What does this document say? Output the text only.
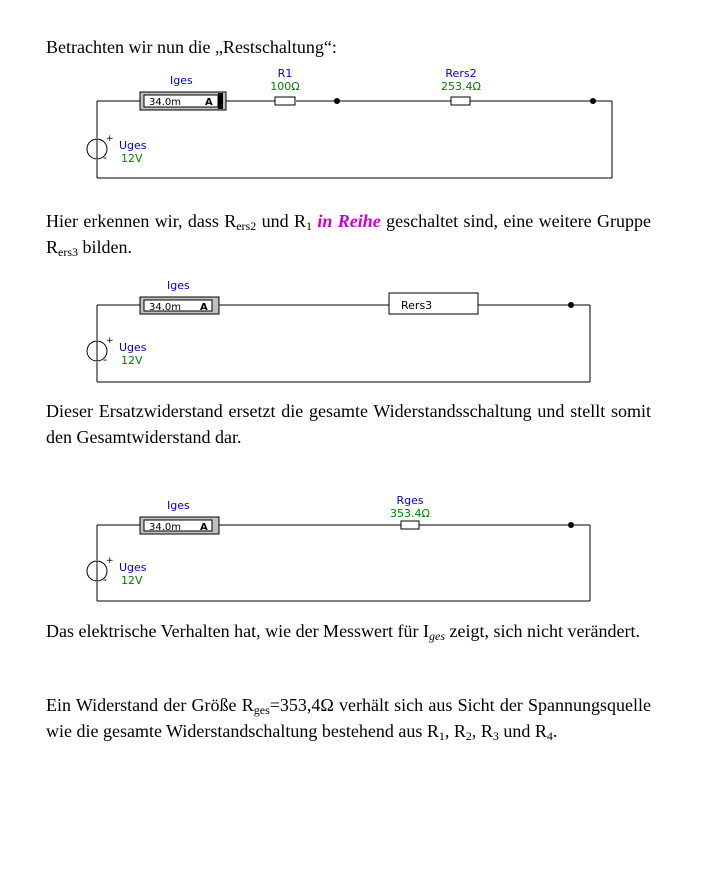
Betrachten wir nun die „Restschaltung“:
34.0m A
Iges
R1
100Ω
Rers2
253.4Ω
+
-
Uges
12V
Hier erkennen wir, dass $R_{ers2}$ und $R_1$ in Reihe geschaltet sind, eine weitere Gruppe $R_{ers3}$ bilden.
34.0m A
Iges
Rers3
+
-
Uges
12V
Dieser Ersatzwiderstand ersetzt die gesamte Widerstandsschaltung und stellt somit den Gesamtwiderstand dar.
34.0m A
Iges	Rges
353.4Ω
+
-
Uges
12V
Das elektrische Verhalten hat, wie der Messwert für $I_{ges}$ zeigt, sich nicht verändert.
Ein Widerstand der Größe $R_{ges}=353,4\Omega$ verhält sich aus Sicht der Spannungsquelle wie die gesamte Widerstandschaltung bestehend aus $R_1$, $R_2$, $R_3$ und $R_4$.
